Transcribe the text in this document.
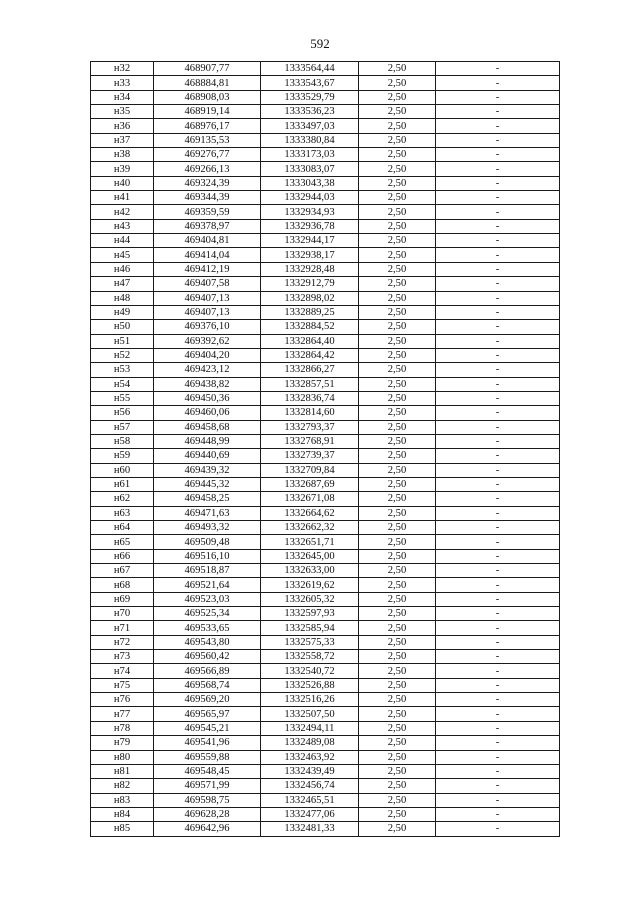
592
н32	468907,77	1333564,44	2,50	-
н33	468884,81	1333543,67	2,50	-
н34	468908,03	1333529,79	2,50	-
н35	468919,14	1333536,23	2,50	-
н36	468976,17	1333497,03	2,50	-
н37	469135,53	1333380,84	2,50	-
н38	469276,77	1333173,03	2,50	-
н39	469266,13	1333083,07	2,50	-
н40	469324,39	1333043,38	2,50	-
н41	469344,39	1332944,03	2,50	-
н42	469359,59	1332934,93	2,50	-
н43	469378,97	1332936,78	2,50	-
н44	469404,81	1332944,17	2,50	-
н45	469414,04	1332938,17	2,50	-
н46	469412,19	1332928,48	2,50	-
н47	469407,58	1332912,79	2,50	-
н48	469407,13	1332898,02	2,50	-
н49	469407,13	1332889,25	2,50	-
н50	469376,10	1332884,52	2,50	-
н51	469392,62	1332864,40	2,50	-
н52	469404,20	1332864,42	2,50	-
н53	469423,12	1332866,27	2,50	-
н54	469438,82	1332857,51	2,50	-
н55	469450,36	1332836,74	2,50	-
н56	469460,06	1332814,60	2,50	-
н57	469458,68	1332793,37	2,50	-
н58	469448,99	1332768,91	2,50	-
н59	469440,69	1332739,37	2,50	-
н60	469439,32	1332709,84	2,50	-
н61	469445,32	1332687,69	2,50	-
н62	469458,25	1332671,08	2,50	-
н63	469471,63	1332664,62	2,50	-
н64	469493,32	1332662,32	2,50	-
н65	469509,48	1332651,71	2,50	-
н66	469516,10	1332645,00	2,50	-
н67	469518,87	1332633,00	2,50	-
н68	469521,64	1332619,62	2,50	-
н69	469523,03	1332605,32	2,50	-
н70	469525,34	1332597,93	2,50	-
н71	469533,65	1332585,94	2,50	-
н72	469543,80	1332575,33	2,50	-
н73	469560,42	1332558,72	2,50	-
н74	469566,89	1332540,72	2,50	-
н75	469568,74	1332526,88	2,50	-
н76	469569,20	1332516,26	2,50	-
н77	469565,97	1332507,50	2,50	-
н78	469545,21	1332494,11	2,50	-
н79	469541,96	1332489,08	2,50	-
н80	469559,88	1332463,92	2,50	-
н81	469548,45	1332439,49	2,50	-
н82	469571,99	1332456,74	2,50	-
н83	469598,75	1332465,51	2,50	-
н84	469628,28	1332477,06	2,50	-
н85	469642,96	1332481,33	2,50	-
